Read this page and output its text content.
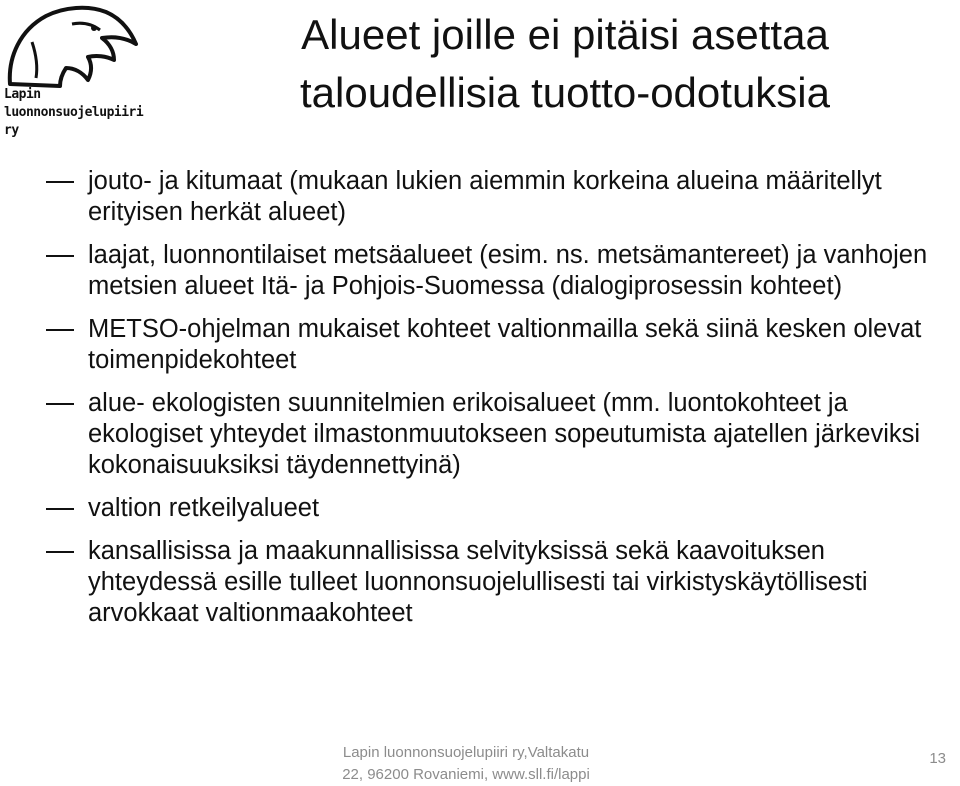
Lapin
luonnonsuojelupiiri ry
Alueet joille ei pitäisi asettaa
taloudellisia tuotto-odotuksia
jouto- ja kitumaat (mukaan lukien aiemmin korkeina alueina määritellyt erityisen herkät alueet)
laajat, luonnontilaiset metsäalueet (esim. ns. metsämantereet) ja vanhojen metsien alueet Itä- ja Pohjois-Suomessa (dialogiprosessin kohteet)
METSO-ohjelman mukaiset kohteet valtionmailla sekä siinä kesken olevat toimenpidekohteet
alue- ekologisten suunnitelmien erikoisalueet (mm. luontokohteet ja ekologiset yhteydet ilmastonmuutokseen sopeutumista ajatellen järkeviksi kokonaisuuksiksi täydennettyinä)
valtion retkeilyalueet
kansallisissa ja maakunnallisissa selvityksissä sekä kaavoituksen yhteydessä esille tulleet luonnonsuojelullisesti tai virkistyskäytöllisesti arvokkaat valtionmaakohteet
Lapin luonnonsuojelupiiri ry,Valtakatu
22, 96200 Rovaniemi, www.sll.fi/lappi
13
